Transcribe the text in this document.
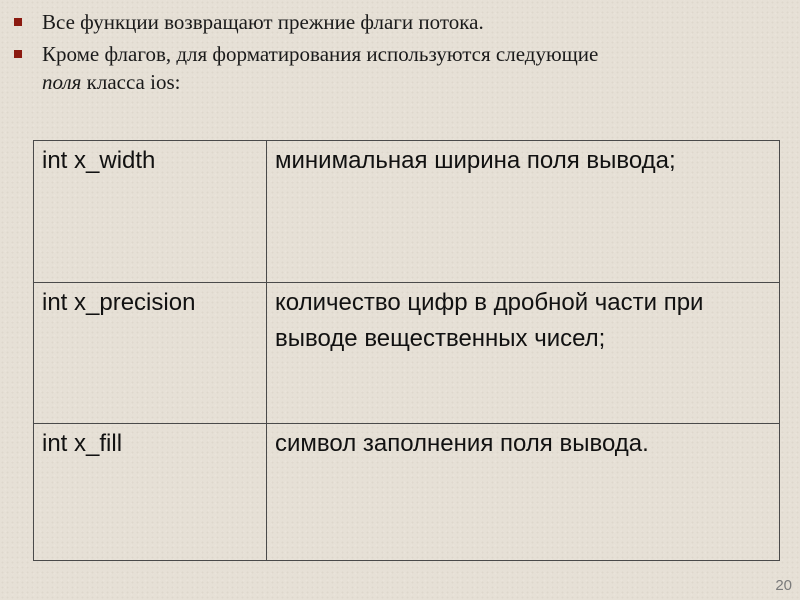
Все функции возвращают прежние флаги потока.
Кроме флагов, для форматирования используются следующие
поля класса ios:
int x_width	минимальная ширина поля вывода;
int x_precision	количество цифр в дробной части при выводе вещественных чисел;
int x_fill	символ заполнения поля вывода.
20
